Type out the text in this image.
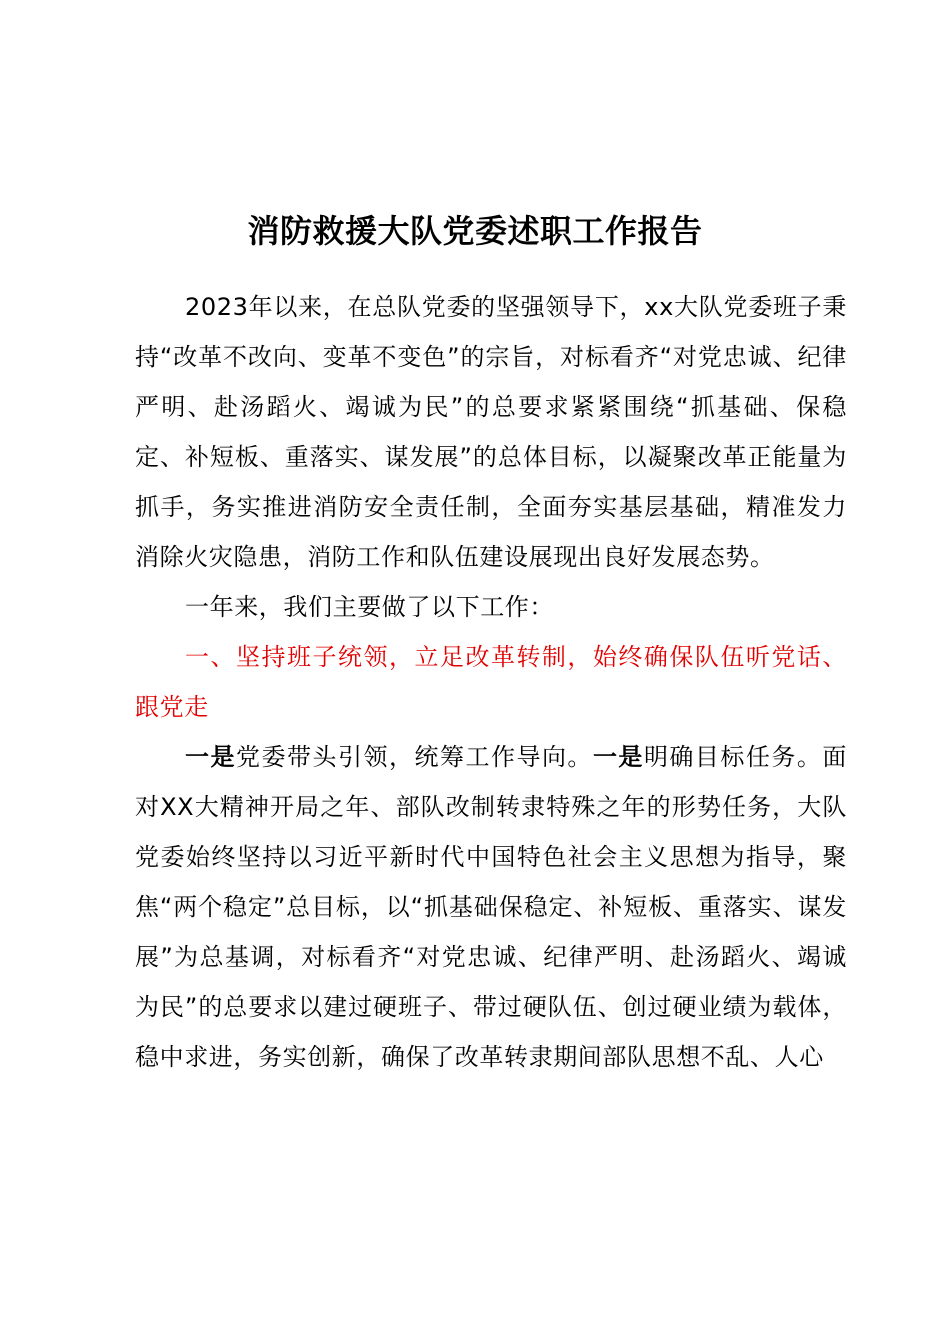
消防救援大队党委述职工作报告

2023年以来，在总队党委的坚强领导下，xx大队党委班子秉持“改革不改向、变革不变色”的宗旨，对标看齐“对党忠诚、纪律严明、赴汤蹈火、竭诚为民”的总要求紧紧围绕“抓基础、保稳定、补短板、重落实、谋发展”的总体目标，以凝聚改革正能量为抓手，务实推进消防安全责任制，全面夯实基层基础，精准发力消除火灾隐患，消防工作和队伍建设展现出良好发展态势。

一年来，我们主要做了以下工作：

一、坚持班子统领，立足改革转制，始终确保队伍听党话、跟党走

一是党委带头引领，统筹工作导向。一是明确目标任务。面对XX大精神开局之年、部队改制转隶特殊之年的形势任务，大队党委始终坚持以习近平新时代中国特色社会主义思想为指导，聚焦“两个稳定”总目标，以“抓基础保稳定、补短板、重落实、谋发展”为总基调，对标看齐“对党忠诚、纪律严明、赴汤蹈火、竭诚为民”的总要求以建过硬班子、带过硬队伍、创过硬业绩为载体，稳中求进，务实创新，确保了改革转隶期间部队思想不乱、人心
